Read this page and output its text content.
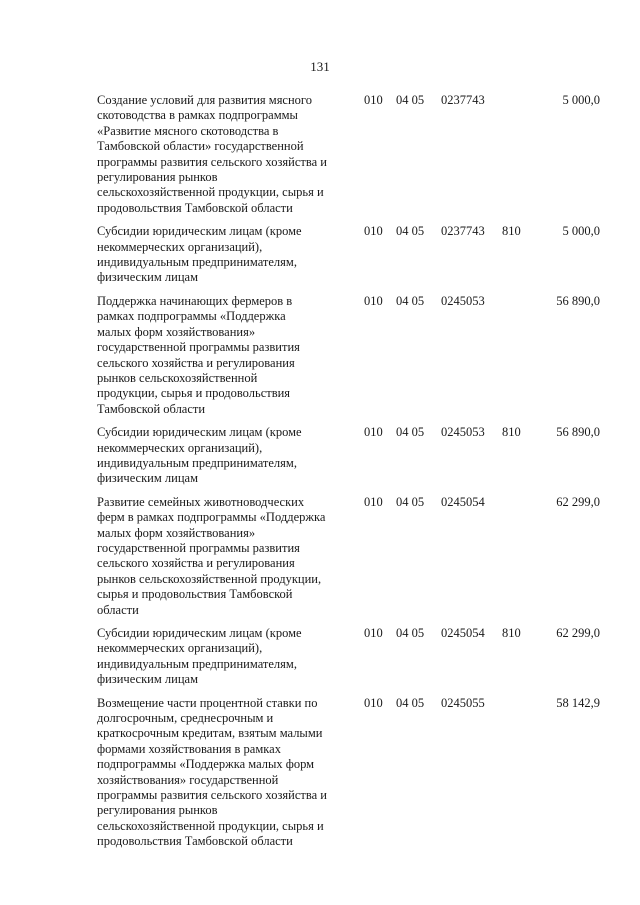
131
Создание условий для развития мясного
скотоводства в рамках подпрограммы
«Развитие мясного скотоводства в
Тамбовской области» государственной
программы развития сельского хозяйства и
регулирования рынков
сельскохозяйственной продукции, сырья и
продовольствия Тамбовской области
010 04 05 0237743	5 000,0
Субсидии юридическим лицам (кроме
некоммерческих организаций),
индивидуальным предпринимателям,
физическим лицам
010 04 05 0237743 810	5 000,0
Поддержка начинающих фермеров в
рамках подпрограммы «Поддержка
малых форм хозяйствования»
государственной программы развития
сельского хозяйства и регулирования
рынков сельскохозяйственной
продукции, сырья и продовольствия
Тамбовской области
010 04 05 0245053	56 890,0
Субсидии юридическим лицам (кроме
некоммерческих организаций),
индивидуальным предпринимателям,
физическим лицам
010 04 05 0245053 810	56 890,0
Развитие семейных животноводческих
ферм в рамках подпрограммы «Поддержка
малых форм хозяйствования»
государственной программы развития
сельского хозяйства и регулирования
рынков сельскохозяйственной продукции,
сырья и продовольствия Тамбовской
области
010 04 05 0245054	62 299,0
Субсидии юридическим лицам (кроме
некоммерческих организаций),
индивидуальным предпринимателям,
физическим лицам
010 04 05 0245054 810	62 299,0
Возмещение части процентной ставки по
долгосрочным, среднесрочным и
краткосрочным кредитам, взятым малыми
формами хозяйствования в рамках
подпрограммы «Поддержка малых форм
хозяйствования» государственной
программы развития сельского хозяйства и
регулирования рынков
сельскохозяйственной продукции, сырья и
продовольствия Тамбовской области
010 04 05 0245055	58 142,9
